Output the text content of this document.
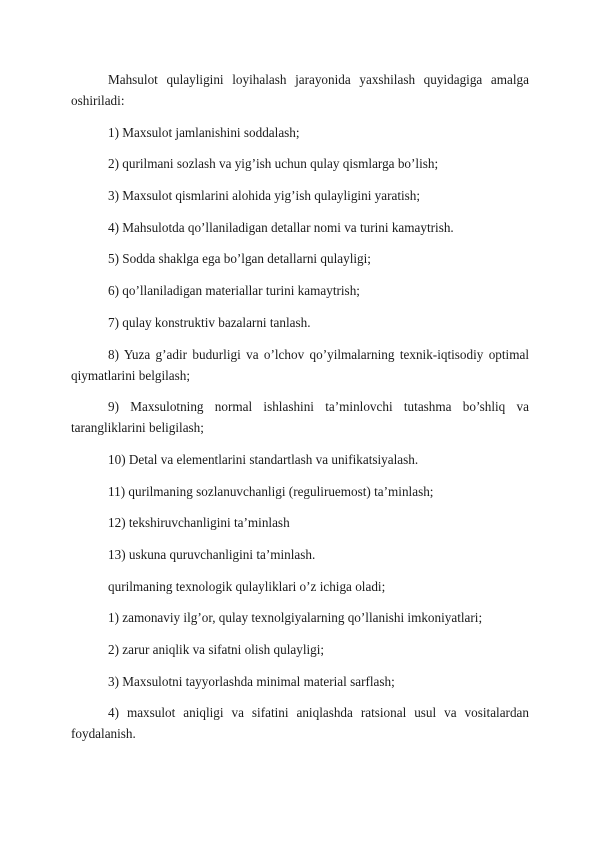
Mahsulot qulayligini loyihalash jarayonida yaxshilash quyidagiga amalga oshiriladi:

1) Maxsulot jamlanishini soddalash;

2) qurilmani sozlash va yig’ish uchun qulay qismlarga bo’lish;

3) Maxsulot qismlarini alohida yig’ish qulayligini yaratish;

4) Mahsulotda qo’llaniladigan detallar nomi va turini kamaytrish.

5) Sodda shaklga ega bo’lgan detallarni qulayligi;

6) qo’llaniladigan materiallar turini kamaytrish;

7) qulay konstruktiv bazalarni tanlash.

8) Yuza g’adir budurligi va o’lchov qo’yilmalarning texnik-iqtisodiy optimal qiymatlarini belgilash;

9) Maxsulotning normal ishlashini ta’minlovchi tutashma bo’shliq va tarangliklarini beligilash;

10) Detal va elementlarini standartlash va unifikatsiyalash.

11) qurilmaning sozlanuvchanligi (reguliruemost) ta’minlash;

12) tekshiruvchanligini ta’minlash

13) uskuna quruvchanligini ta’minlash.

qurilmaning texnologik qulayliklari o’z ichiga oladi;

1) zamonaviy ilg’or, qulay texnolgiyalarning qo’llanishi imkoniyatlari;

2) zarur aniqlik va sifatni olish qulayligi;

3) Maxsulotni tayyorlashda minimal material sarflash;

4) maxsulot aniqligi va sifatini aniqlashda ratsional usul va vositalardan foydalanish.
